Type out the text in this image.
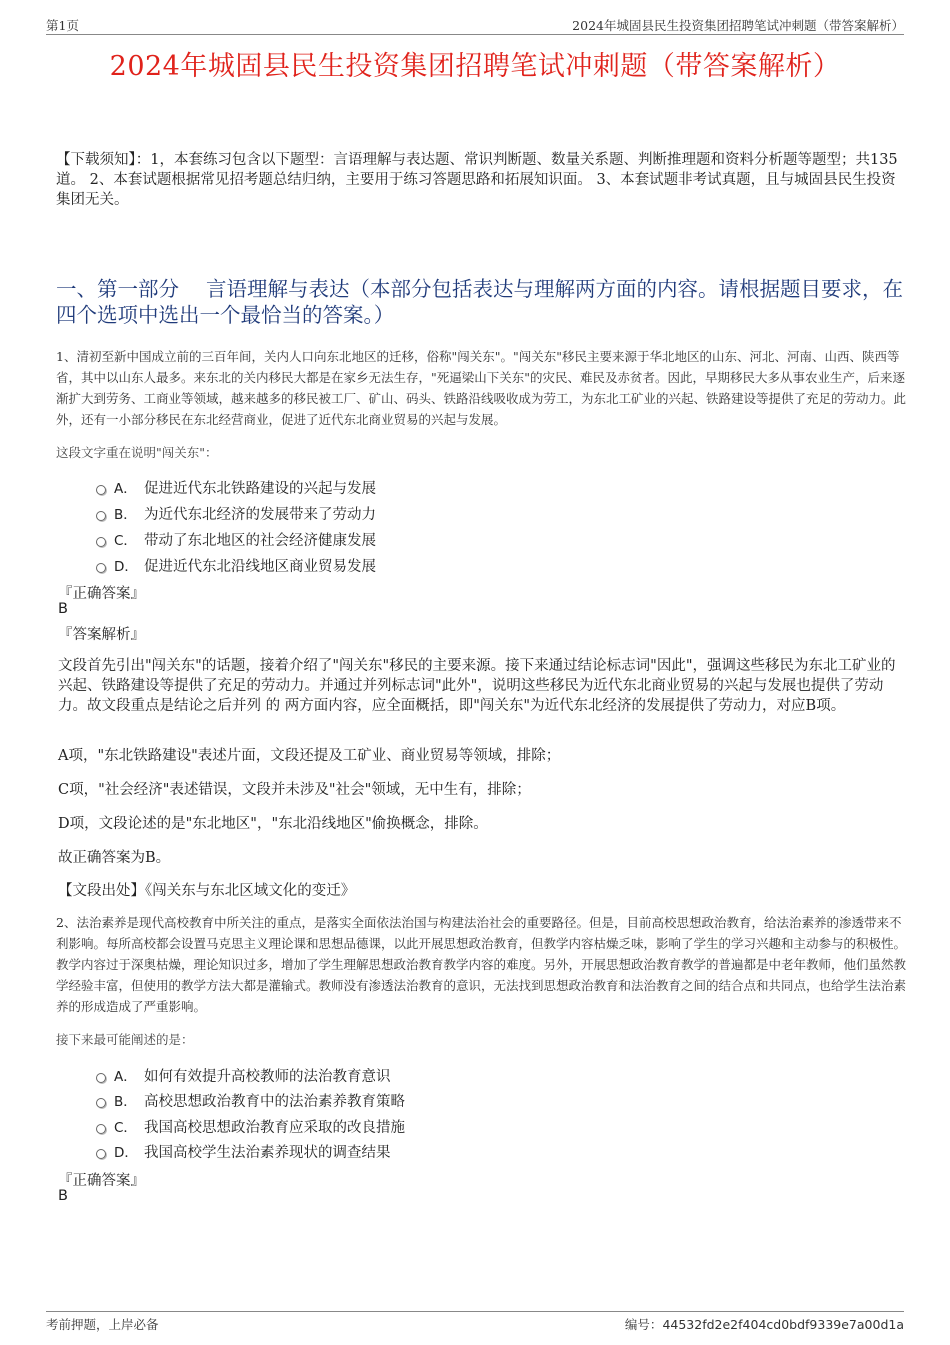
第1页	2024年城固县民生投资集团招聘笔试冲刺题（带答案解析）
2024年城固县民生投资集团招聘笔试冲刺题（带答案解析）
【下载须知】：1，本套练习包含以下题型：言语理解与表达题、常识判断题、数量关系题、判断推理题和资料分析题等题型；共135道。 2、本套试题根据常见招考题总结归纳，主要用于练习答题思路和拓展知识面。 3、本套试题非考试真题，且与城固县民生投资集团无关。
一、第一部分　 言语理解与表达（本部分包括表达与理解两方面的内容。请根据题目要求，在四个选项中选出一个最恰当的答案。）
1、清初至新中国成立前的三百年间，关内人口向东北地区的迁移，俗称"闯关东"。"闯关东"移民主要来源于华北地区的山东、河北、河南、山西、陕西等省，其中以山东人最多。来东北的关内移民大都是在家乡无法生存，"死逼梁山下关东"的灾民、难民及赤贫者。因此，早期移民大多从事农业生产，后来逐渐扩大到劳务、工商业等领域，越来越多的移民被工厂、矿山、码头、铁路沿线吸收成为劳工，为东北工矿业的兴起、铁路建设等提供了充足的劳动力。此外，还有一小部分移民在东北经营商业，促进了近代东北商业贸易的兴起与发展。
这段文字重在说明"闯关东"：
A． 促进近代东北铁路建设的兴起与发展
B． 为近代东北经济的发展带来了劳动力
C． 带动了东北地区的社会经济健康发展
D． 促进近代东北沿线地区商业贸易发展
『正确答案』
B
『答案解析』
文段首先引出"闯关东"的话题，接着介绍了"闯关东"移民的主要来源。接下来通过结论标志词"因此"，强调这些移民为东北工矿业的兴起、铁路建设等提供了充足的劳动力。并通过并列标志词"此外"，说明这些移民为近代东北商业贸易的兴起与发展也提供了劳动力。故文段重点是结论之后并列 的 两方面内容，应全面概括，即"闯关东"为近代东北经济的发展提供了劳动力，对应B项。
A项，"东北铁路建设"表述片面，文段还提及工矿业、商业贸易等领域，排除；
C项，"社会经济"表述错误，文段并未涉及"社会"领域，无中生有，排除；
D项，文段论述的是"东北地区"，"东北沿线地区"偷换概念，排除。
故正确答案为B。
【文段出处】《闯关东与东北区域文化的变迁》
2、法治素养是现代高校教育中所关注的重点，是落实全面依法治国与构建法治社会的重要路径。但是，目前高校思想政治教育，给法治素养的渗透带来不利影响。每所高校都会设置马克思主义理论课和思想品德课，以此开展思想政治教育，但教学内容枯燥乏味，影响了学生的学习兴趣和主动参与的积极性。教学内容过于深奥枯燥，理论知识过多，增加了学生理解思想政治教育教学内容的难度。另外，开展思想政治教育教学的普遍都是中老年教师，他们虽然教学经验丰富，但使用的教学方法大都是灌输式。教师没有渗透法治教育的意识，无法找到思想政治教育和法治教育之间的结合点和共同点，也给学生法治素养的形成造成了严重影响。
接下来最可能阐述的是：
A． 如何有效提升高校教师的法治教育意识
B． 高校思想政治教育中的法治素养教育策略
C． 我国高校思想政治教育应采取的改良措施
D． 我国高校学生法治素养现状的调查结果
『正确答案』
B
考前押题，上岸必备	编号：44532fd2e2f404cd0bdf9339e7a00d1a
